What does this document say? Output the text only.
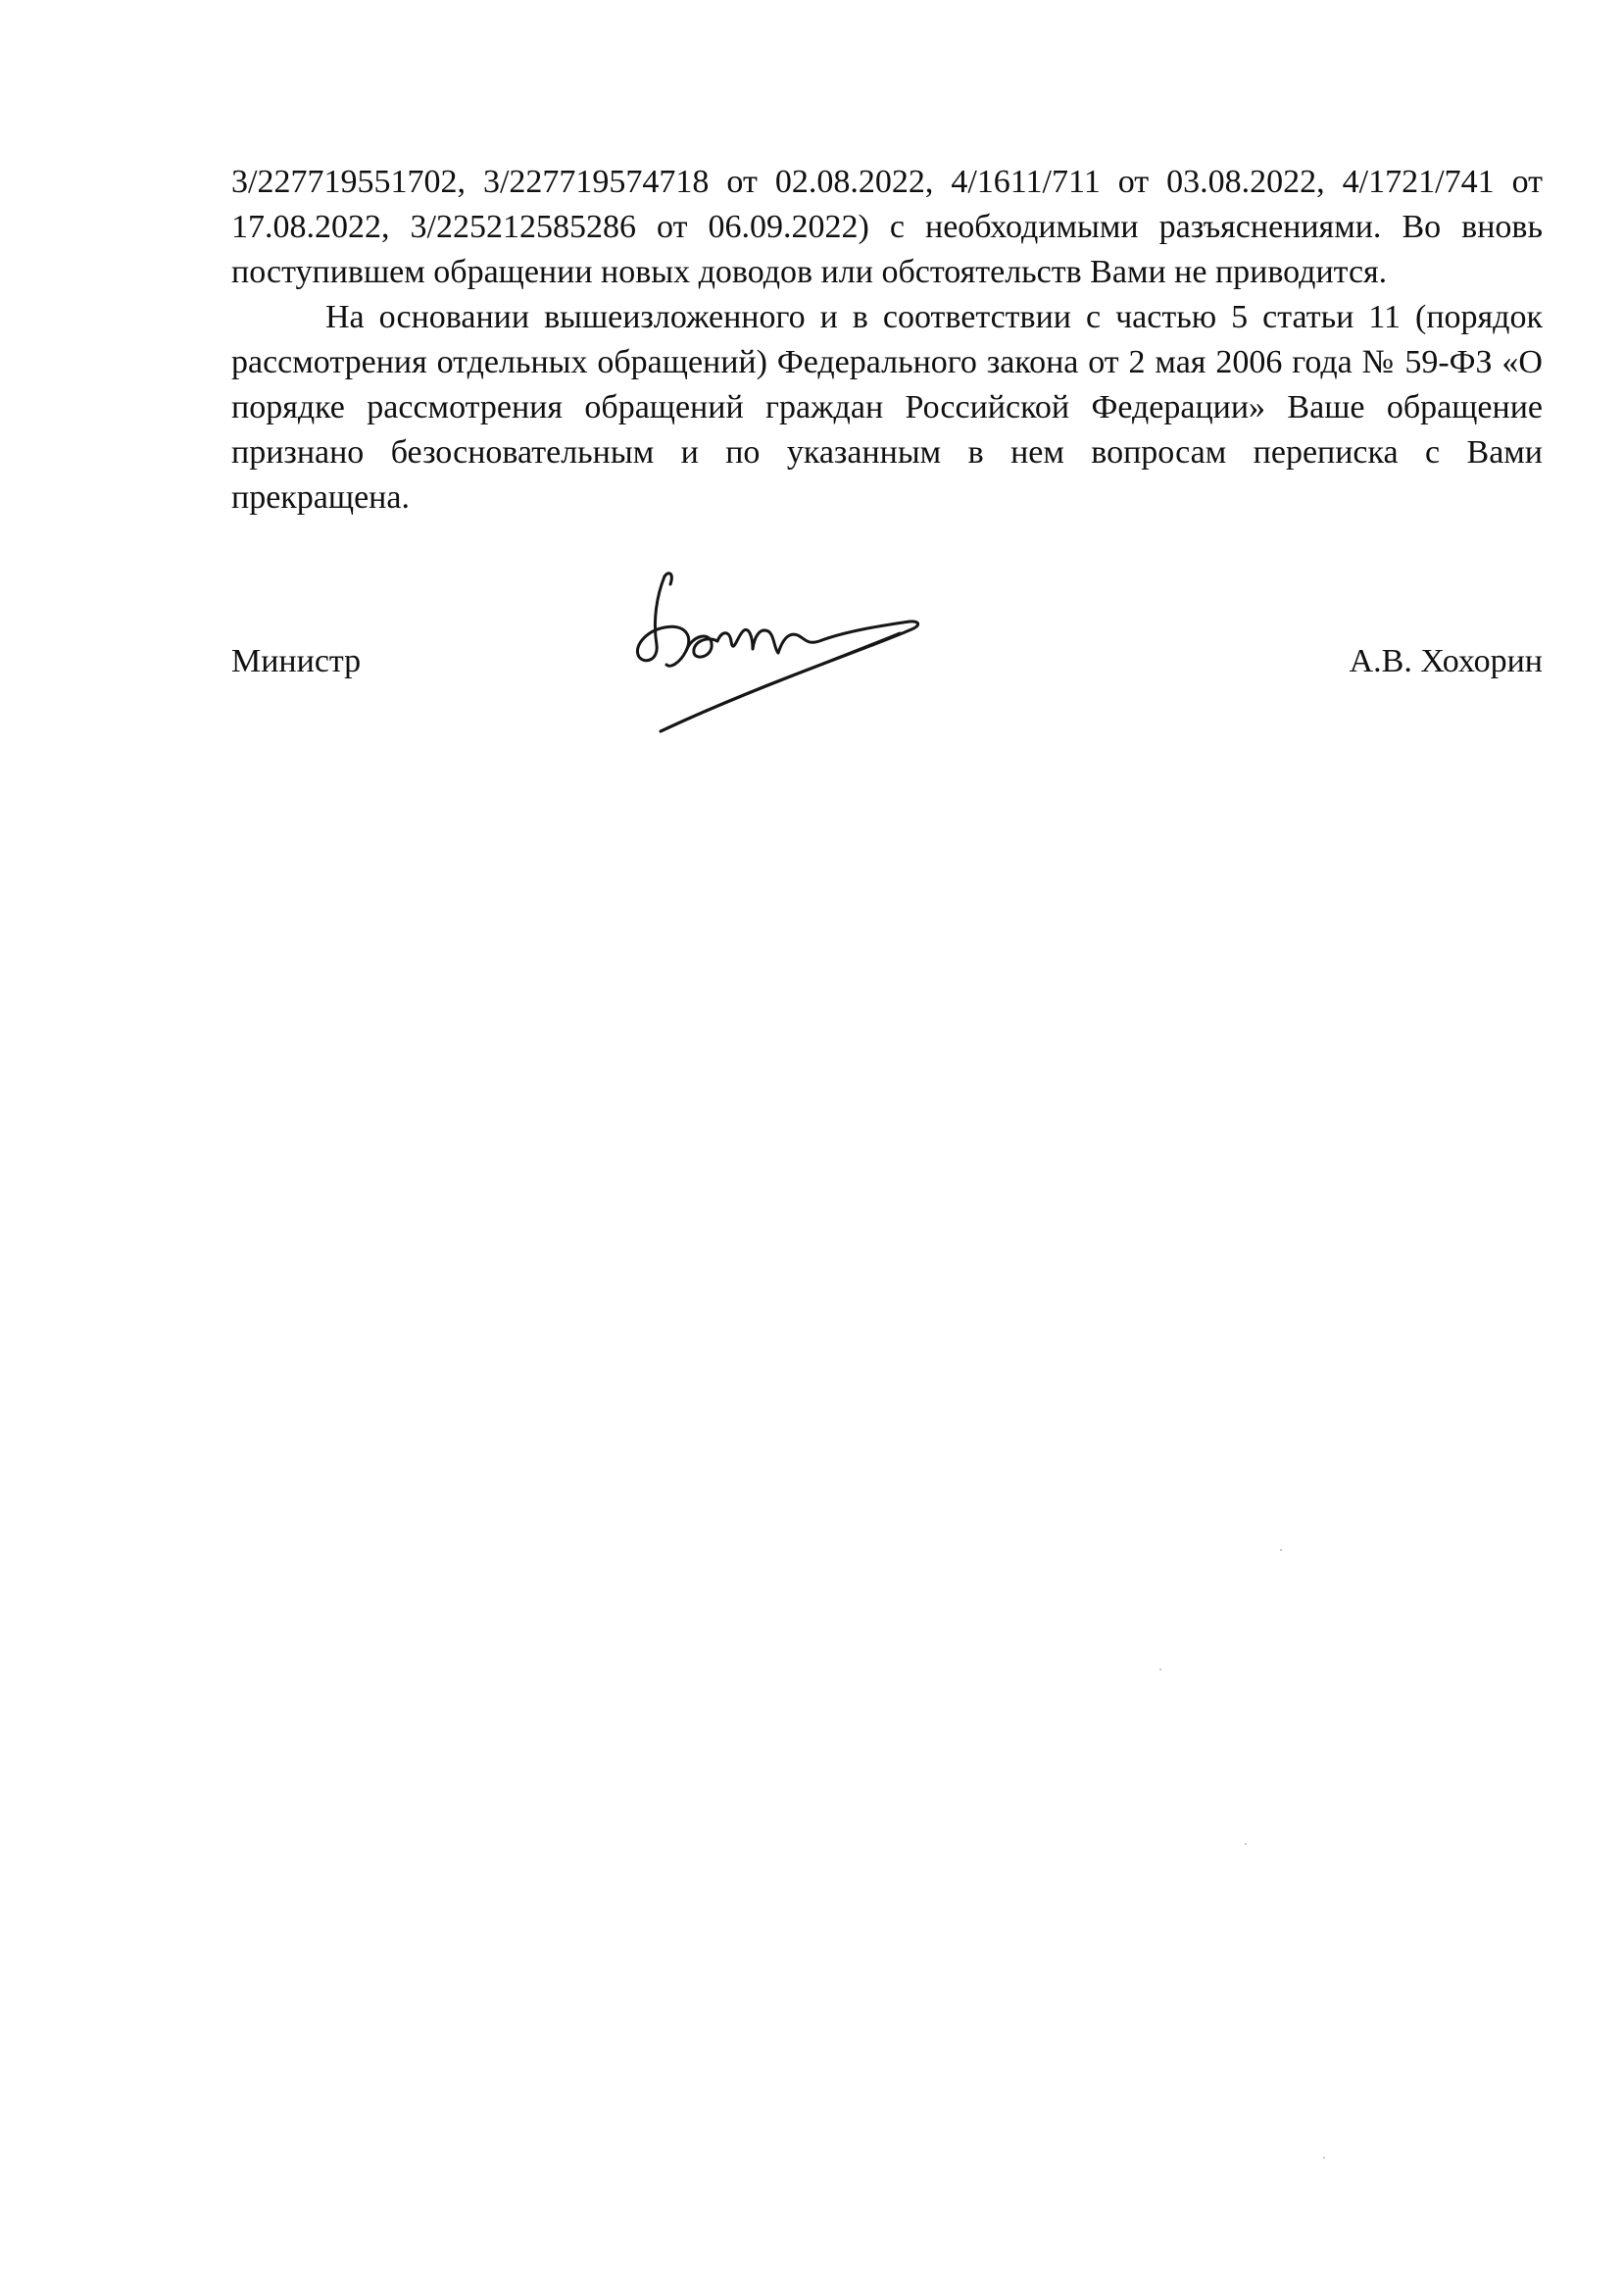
3/227719551702, 3/227719574718 от 02.08.2022, 4/1611/711 от 03.08.2022, 4/1721/741 от 17.08.2022, 3/225212585286 от 06.09.2022) с необходимыми разъяснениями. Во вновь поступившем обращении новых доводов или обстоятельств Вами не приводится.

На основании вышеизложенного и в соответствии с частью 5 статьи 11 (порядок рассмотрения отдельных обращений) Федерального закона от 2 мая 2006 года № 59-ФЗ «О порядке рассмотрения обращений граждан Российской Федерации» Ваше обращение признано безосновательным и по указанным в нем вопросам переписка с Вами прекращена.

Министр	А.В. Хохорин
